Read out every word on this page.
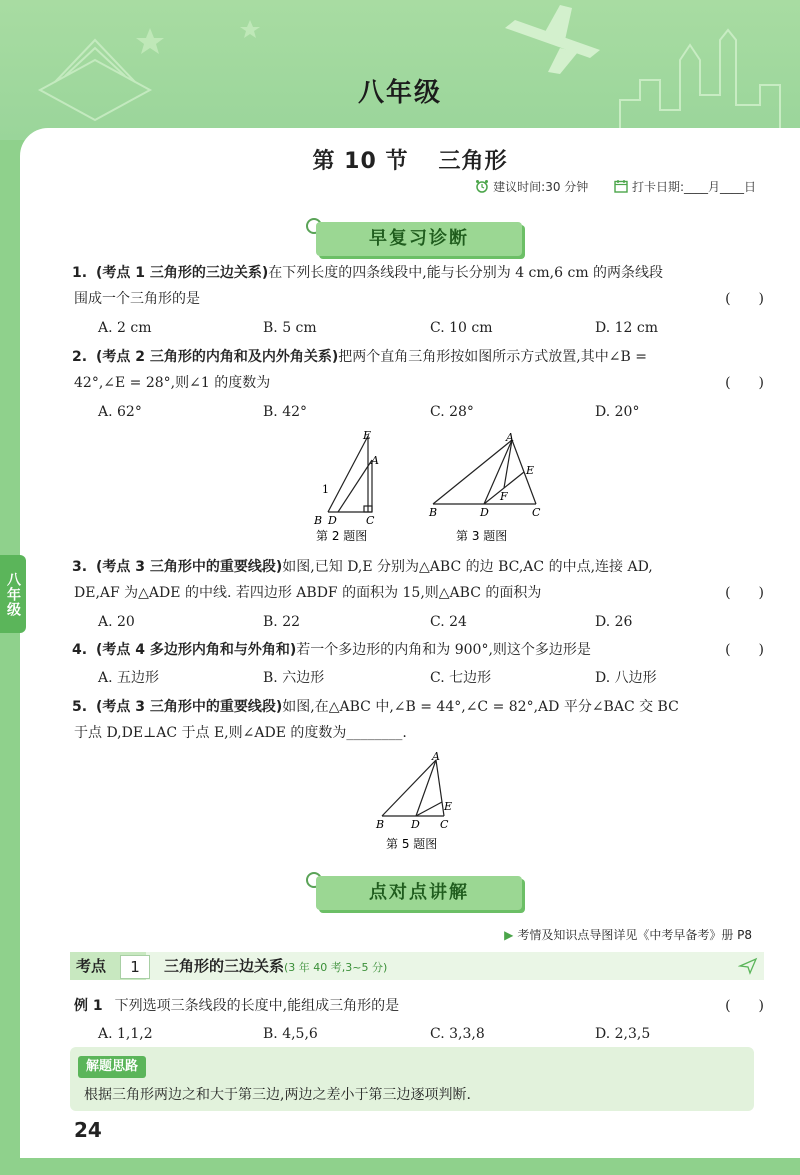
八年级
八年级
第 10 节 三角形
建议时间:30 分钟	打卡日期:____月____日
早复习诊断
1. (考点 1 三角形的三边关系)在下列长度的四条线段中,能与长分别为 4 cm,6 cm 的两条线段
围成一个三角形的是	(　　)
A. 2 cm	B. 5 cm	C. 10 cm	D. 12 cm
2. (考点 2 三角形的内角和及内外角关系)把两个直角三角形按如图所示方式放置,其中∠B =
42°,∠E = 28°,则∠1 的度数为	(　　)
A. 62°	B. 42°	C. 28°	D. 20°
E
A
1
B D	C
第 2 题图
A
E
F
B	D	C
第 3 题图
3. (考点 3 三角形中的重要线段)如图,已知 D,E 分别为△ABC 的边 BC,AC 的中点,连接 AD,
DE,AF 为△ADE 的中线. 若四边形 ABDF 的面积为 15,则△ABC 的面积为	(　　)
A. 20	B. 22	C. 24	D. 26
4. (考点 4 多边形内角和与外角和)若一个多边形的内角和为 900°,则这个多边形是	(　　)
A. 五边形	B. 六边形	C. 七边形	D. 八边形
5. (考点 3 三角形中的重要线段)如图,在△ABC 中,∠B = 44°,∠C = 82°,AD 平分∠BAC 交 BC
于点 D,DE⊥AC 于点 E,则∠ADE 的度数为________.
A
E
B D C
第 5 题图
点对点讲解
▶ 考情及知识点导图详见《中考早备考》册 P8
考点	1	三角形的三边关系(3 年 40 考,3~5 分)
例 1 下列选项三条线段的长度中,能组成三角形的是	(　　)
A. 1,1,2	B. 4,5,6	C. 3,3,8	D. 2,3,5
解题思路
根据三角形两边之和大于第三边,两边之差小于第三边逐项判断.
24
